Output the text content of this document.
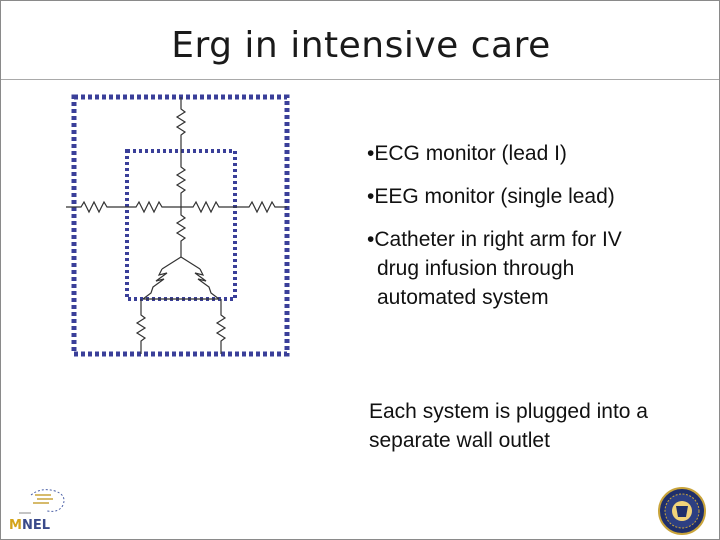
Erg in intensive care
•ECG monitor (lead I)
•EEG monitor (single lead)
•Catheter in right arm for IV drug infusion through automated system
Each system is plugged into a separate wall outlet
MNEL
